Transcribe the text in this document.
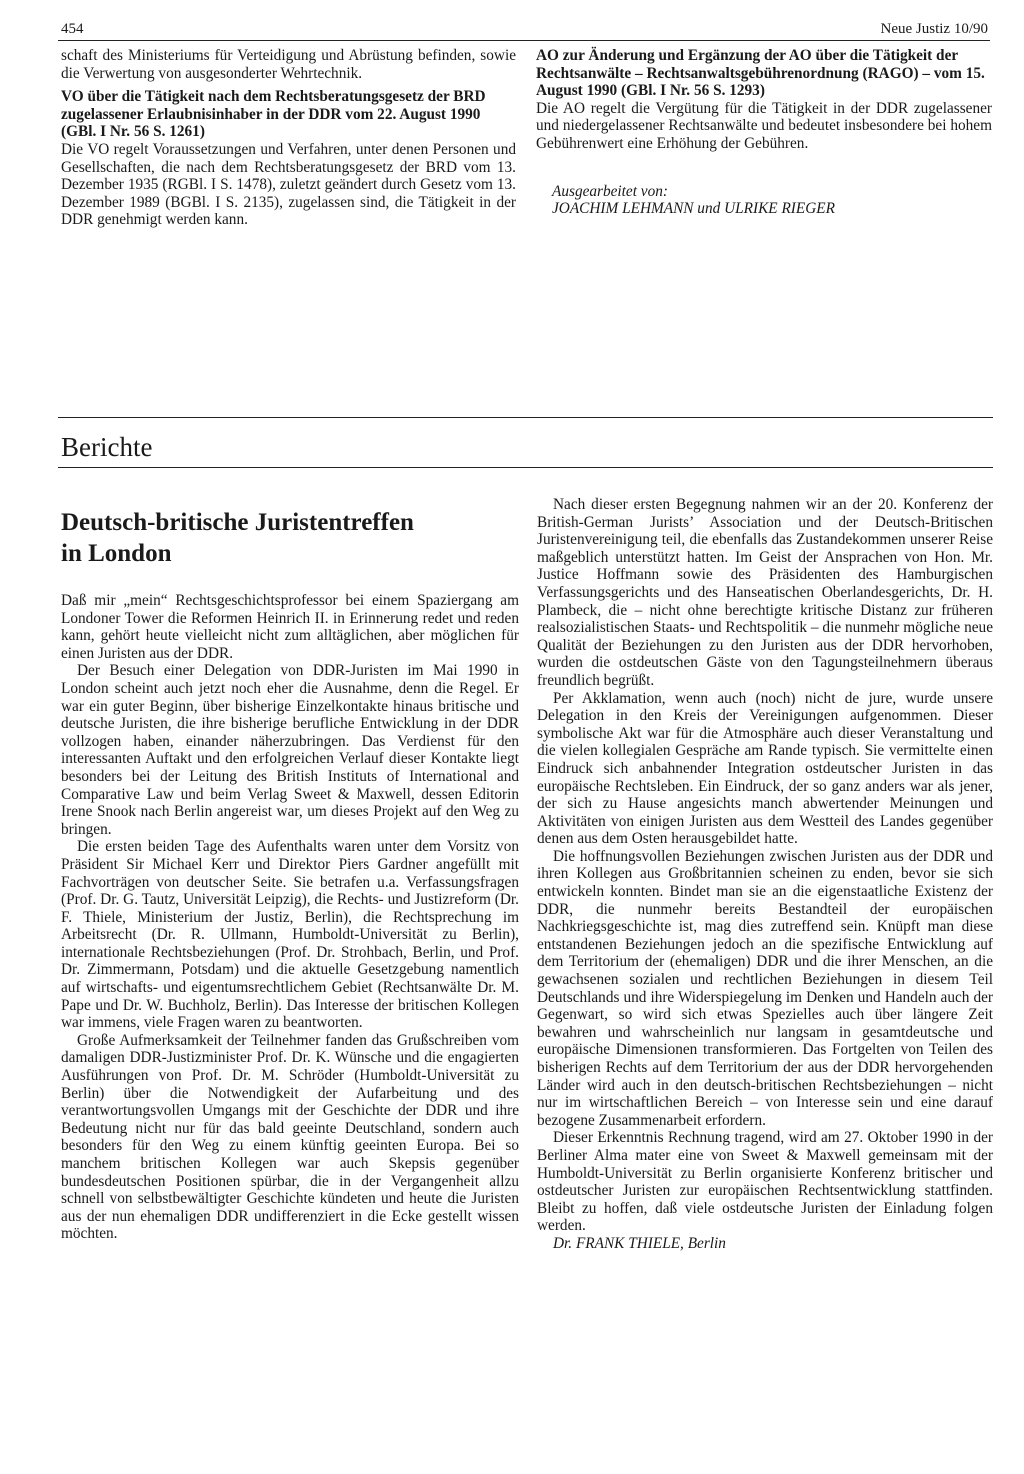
454	Neue Justiz 10/90

schaft des Ministeriums für Verteidigung und Abrüstung befinden, sowie die Verwertung von ausgesonderter Wehrtechnik.

VO über die Tätigkeit nach dem Rechtsberatungsgesetz der BRD zugelassener Erlaubnisinhaber in der DDR vom 22. August 1990 (GBl. I Nr. 56 S. 1261)

Die VO regelt Voraussetzungen und Verfahren, unter denen Personen und Gesellschaften, die nach dem Rechtsberatungsgesetz der BRD vom 13. Dezember 1935 (RGBl. I S. 1478), zuletzt geändert durch Gesetz vom 13. Dezember 1989 (BGBl. I S. 2135), zugelassen sind, die Tätigkeit in der DDR genehmigt werden kann.

AO zur Änderung und Ergänzung der AO über die Tätigkeit der Rechtsanwälte – Rechtsanwaltsgebührenordnung (RAGO) – vom 15. August 1990 (GBl. I Nr. 56 S. 1293)

Die AO regelt die Vergütung für die Tätigkeit in der DDR zugelassener und niedergelassener Rechtsanwälte und bedeutet insbesondere bei hohem Gebührenwert eine Erhöhung der Gebühren.

Ausgearbeitet von:

JOACHIM LEHMANN und ULRIKE RIEGER

Berichte
Deutsch-britische Juristentreffen
in London

Daß mir „mein“ Rechtsgeschichtsprofessor bei einem Spaziergang am Londoner Tower die Reformen Heinrich II. in Erinnerung redet und reden kann, gehört heute vielleicht nicht zum alltäglichen, aber möglichen für einen Juristen aus der DDR.

Der Besuch einer Delegation von DDR-Juristen im Mai 1990 in London scheint auch jetzt noch eher die Ausnahme, denn die Regel. Er war ein guter Beginn, über bisherige Einzelkontakte hinaus britische und deutsche Juristen, die ihre bisherige berufliche Entwicklung in der DDR vollzogen haben, einander näherzubringen. Das Verdienst für den interessanten Auftakt und den erfolgreichen Verlauf dieser Kontakte liegt besonders bei der Leitung des British Instituts of International and Comparative Law und beim Verlag Sweet & Maxwell, dessen Editorin Irene Snook nach Berlin angereist war, um dieses Projekt auf den Weg zu bringen.

Die ersten beiden Tage des Aufenthalts waren unter dem Vorsitz von Präsident Sir Michael Kerr und Direktor Piers Gardner angefüllt mit Fachvorträgen von deutscher Seite. Sie betrafen u.a. Verfassungsfragen (Prof. Dr. G. Tautz, Universität Leipzig), die Rechts- und Justizreform (Dr. F. Thiele, Ministerium der Justiz, Berlin), die Rechtsprechung im Arbeitsrecht (Dr. R. Ullmann, Humboldt-Universität zu Berlin), internationale Rechtsbeziehungen (Prof. Dr. Strohbach, Berlin, und Prof. Dr. Zimmermann, Potsdam) und die aktuelle Gesetzgebung namentlich auf wirtschafts- und eigentumsrechtlichem Gebiet (Rechtsanwälte Dr. M. Pape und Dr. W. Buchholz, Berlin). Das Interesse der britischen Kollegen war immens, viele Fragen waren zu beantworten.

Große Aufmerksamkeit der Teilnehmer fanden das Grußschreiben vom damaligen DDR-Justizminister Prof. Dr. K. Wünsche und die engagierten Ausführungen von Prof. Dr. M. Schröder (Humboldt-Universität zu Berlin) über die Notwendigkeit der Aufarbeitung und des verantwortungsvollen Umgangs mit der Geschichte der DDR und ihre Bedeutung nicht nur für das bald geeinte Deutschland, sondern auch besonders für den Weg zu einem künftig geeinten Europa. Bei so manchem britischen Kollegen war auch Skepsis gegenüber bundesdeutschen Positionen spürbar, die in der Vergangenheit allzu schnell von selbstbewältigter Geschichte kündeten und heute die Juristen aus der nun ehemaligen DDR undifferenziert in die Ecke gestellt wissen möchten.

Nach dieser ersten Begegnung nahmen wir an der 20. Konferenz der British-German Jurists’ Association und der Deutsch-Britischen Juristenvereinigung teil, die ebenfalls das Zustandekommen unserer Reise maßgeblich unterstützt hatten. Im Geist der Ansprachen von Hon. Mr. Justice Hoffmann sowie des Präsidenten des Hamburgischen Verfassungsgerichts und des Hanseatischen Oberlandesgerichts, Dr. H. Plambeck, die – nicht ohne berechtigte kritische Distanz zur früheren realsozialistischen Staats- und Rechtspolitik – die nunmehr mögliche neue Qualität der Beziehungen zu den Juristen aus der DDR hervorhoben, wurden die ostdeutschen Gäste von den Tagungsteilnehmern überaus freundlich begrüßt.

Per Akklamation, wenn auch (noch) nicht de jure, wurde unsere Delegation in den Kreis der Vereinigungen aufgenommen. Dieser symbolische Akt war für die Atmosphäre auch dieser Veranstaltung und die vielen kollegialen Gespräche am Rande typisch. Sie vermittelte einen Eindruck sich anbahnender Integration ostdeutscher Juristen in das europäische Rechtsleben. Ein Eindruck, der so ganz anders war als jener, der sich zu Hause angesichts manch abwertender Meinungen und Aktivitäten von einigen Juristen aus dem Westteil des Landes gegenüber denen aus dem Osten herausgebildet hatte.

Die hoffnungsvollen Beziehungen zwischen Juristen aus der DDR und ihren Kollegen aus Großbritannien scheinen zu enden, bevor sie sich entwickeln konnten. Bindet man sie an die eigenstaatliche Existenz der DDR, die nunmehr bereits Bestandteil der europäischen Nachkriegsgeschichte ist, mag dies zutreffend sein. Knüpft man diese entstandenen Beziehungen jedoch an die spezifische Entwicklung auf dem Territorium der (ehemaligen) DDR und die ihrer Menschen, an die gewachsenen sozialen und rechtlichen Beziehungen in diesem Teil Deutschlands und ihre Widerspiegelung im Denken und Handeln auch der Gegenwart, so wird sich etwas Spezielles auch über längere Zeit bewahren und wahrscheinlich nur langsam in gesamtdeutsche und europäische Dimensionen transformieren. Das Fortgelten von Teilen des bisherigen Rechts auf dem Territorium der aus der DDR hervorgehenden Länder wird auch in den deutsch-britischen Rechtsbeziehungen – nicht nur im wirtschaftlichen Bereich – von Interesse sein und eine darauf bezogene Zusammenarbeit erfordern.

Dieser Erkenntnis Rechnung tragend, wird am 27. Oktober 1990 in der Berliner Alma mater eine von Sweet & Maxwell gemeinsam mit der Humboldt-Universität zu Berlin organisierte Konferenz britischer und ostdeutscher Juristen zur europäischen Rechtsentwicklung stattfinden. Bleibt zu hoffen, daß viele ostdeutsche Juristen der Einladung folgen werden.

Dr. FRANK THIELE, Berlin
